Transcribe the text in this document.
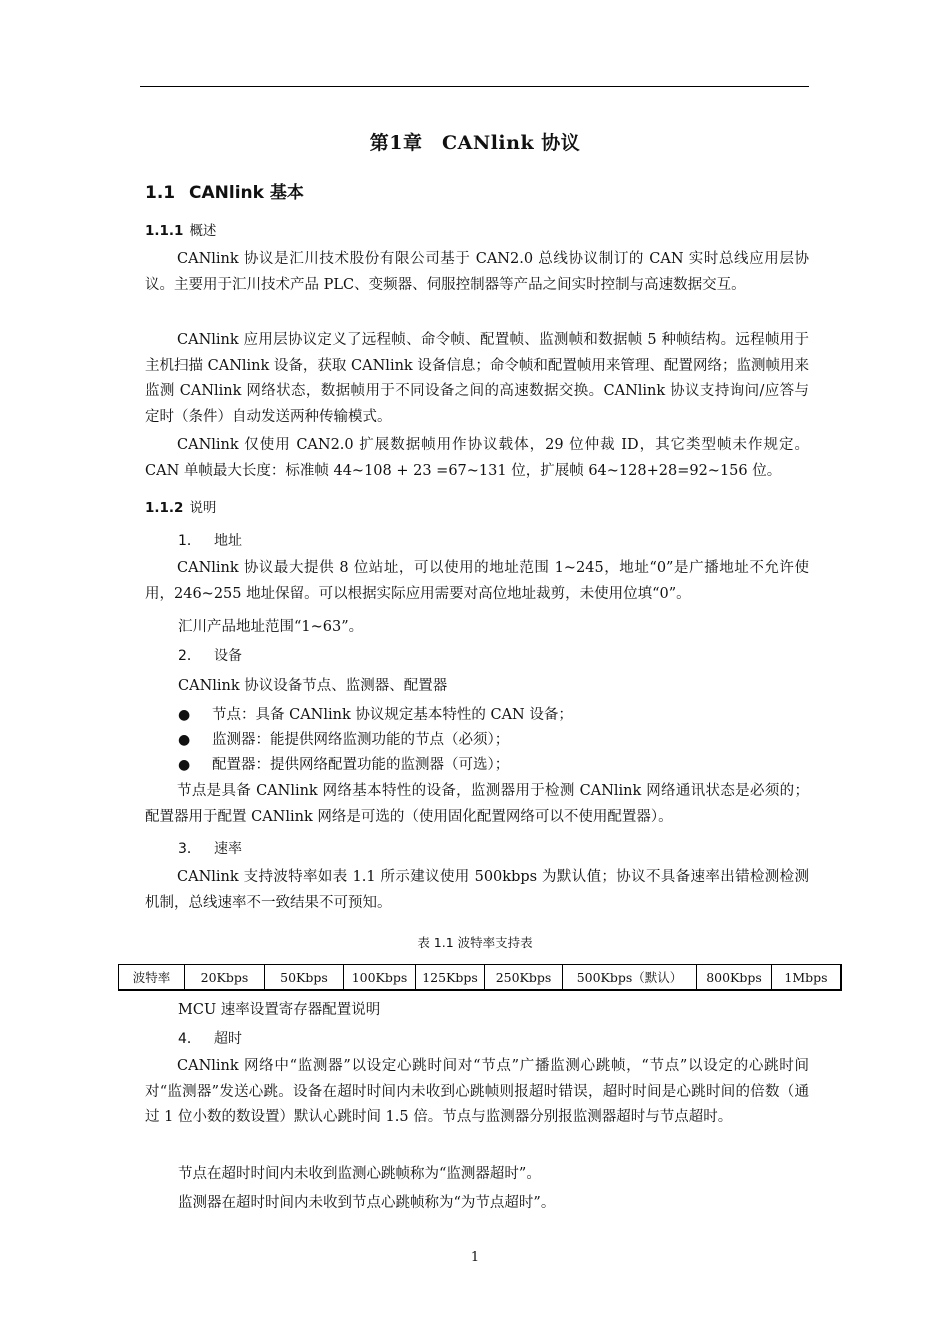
第1章　CANlink 协议
1.1 CANlink 基本
1.1.1 概述

CANlink 协议是汇川技术股份有限公司基于 CAN2.0 总线协议制订的 CAN 实时总线应用层协议。主要用于汇川技术产品 PLC、变频器、伺服控制器等产品之间实时控制与高速数据交互。

CANlink 应用层协议定义了远程帧、命令帧、配置帧、监测帧和数据帧 5 种帧结构。远程帧用于主机扫描 CANlink 设备，获取 CANlink 设备信息；命令帧和配置帧用来管理、配置网络；监测帧用来监测 CANlink 网络状态，数据帧用于不同设备之间的高速数据交换。CANlink 协议支持询问/应答与定时（条件）自动发送两种传输模式。

CANlink 仅使用 CAN2.0 扩展数据帧用作协议载体，29 位仲裁 ID，其它类型帧未作规定。CAN 单帧最大长度：标准帧 44~108 + 23 =67~131 位，扩展帧 64~128+28=92~156 位。

1.1.2 说明
1． 地址

CANlink 协议最大提供 8 位站址，可以使用的地址范围 1~245，地址“0”是广播地址不允许使用，246~255 地址保留。可以根据实际应用需要对高位地址裁剪，未使用位填“0”。

汇川产品地址范围“1~63”。
2． 设备
CANlink 协议设备节点、监测器、配置器
● 节点：具备 CANlink 协议规定基本特性的 CAN 设备；
● 监测器：能提供网络监测功能的节点（必须）；
● 配置器：提供网络配置功能的监测器（可选）；

节点是具备 CANlink 网络基本特性的设备，监测器用于检测 CANlink 网络通讯状态是必须的；配置器用于配置 CANlink 网络是可选的（使用固化配置网络可以不使用配置器）。

3． 速率

CANlink 支持波特率如表 1.1 所示建议使用 500kbps 为默认值；协议不具备速率出错检测检测机制，总线速率不一致结果不可预知。

表 1.1 波特率支持表
波特率	20Kbps	50Kbps	100Kbps	125Kbps	250Kbps	500Kbps（默认）	800Kbps	1Mbps
MCU 速率设置寄存器配置说明
4． 超时

CANlink 网络中“监测器”以设定心跳时间对“节点”广播监测心跳帧，“节点”以设定的心跳时间对“监测器”发送心跳。设备在超时时间内未收到心跳帧则报超时错误，超时时间是心跳时间的倍数（通过 1 位小数的数设置）默认心跳时间 1.5 倍。节点与监测器分别报监测器超时与节点超时。

节点在超时时间内未收到监测心跳帧称为“监测器超时”。
监测器在超时时间内未收到节点心跳帧称为“为节点超时”。
1
